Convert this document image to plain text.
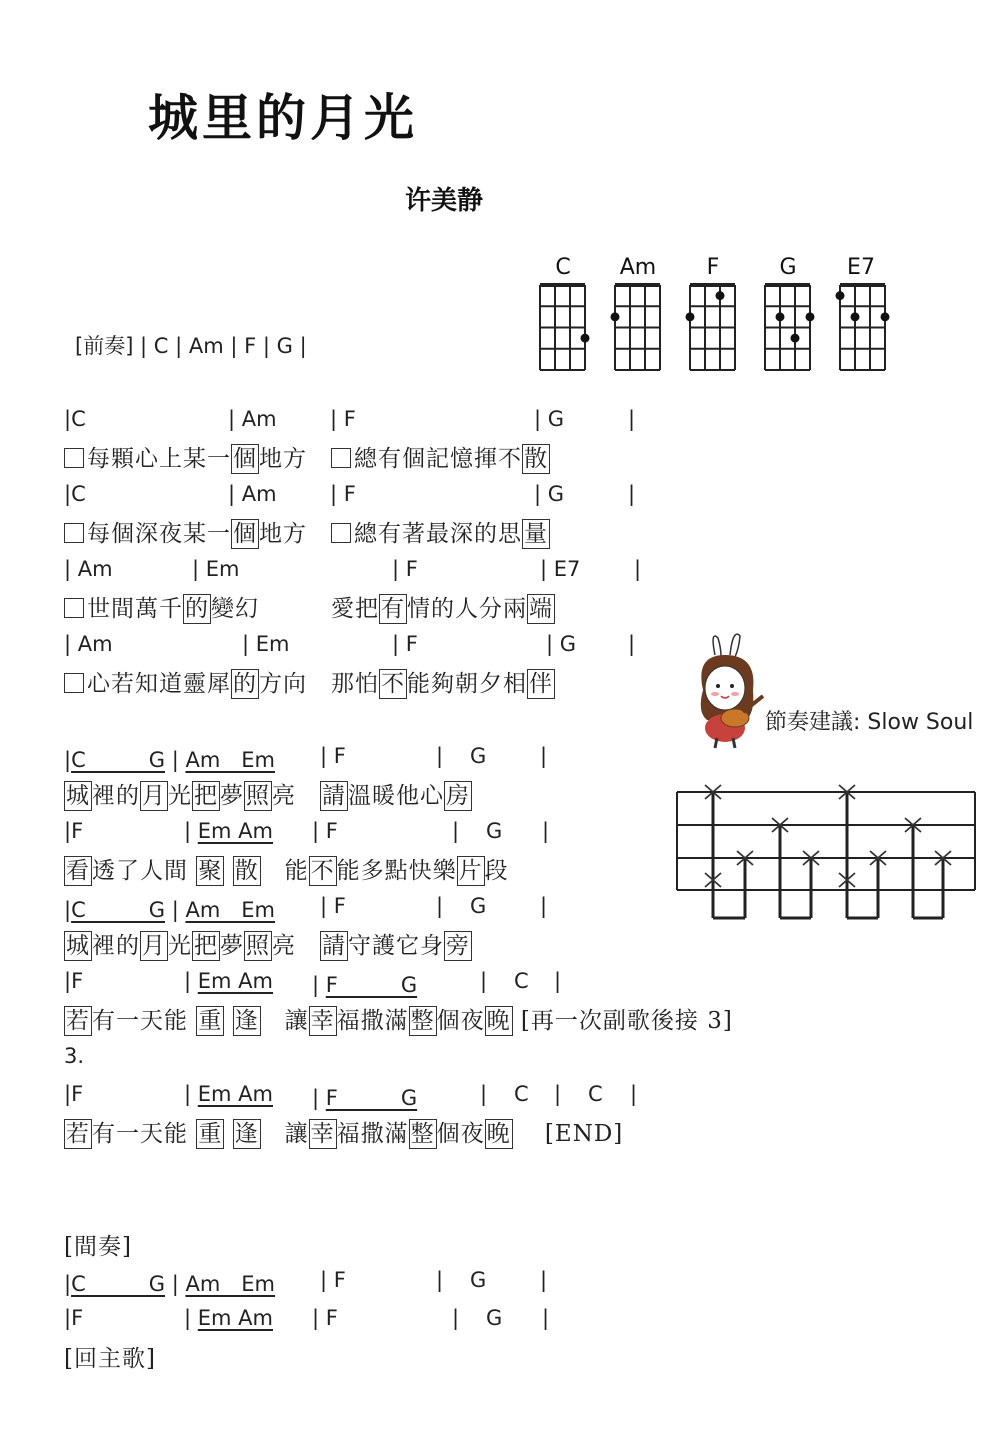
城里的月光
许美静
C	Am	F	G	E7
[前奏] | C | Am | F | G |
|C	| Am	| F	| G	|
每顆心上某一個地方　總有個記憶揮不散
|C	| Am	| F	| G	|
每個深夜某一個地方　總有著最深的思量
| Am	| Em	| F	| E7	|
世間萬千的變幻　　　愛把有情的人分兩端
| Am	| Em	| F	| G |
心若知道靈犀的方向　那怕不能夠朝夕相伴
|C　　　G | Am　Em | F	| G	|
城裡的月光把夢照亮　請溫暖他心房
|F	| Em Am | F	| G |
看透了人間 聚 散　能不能多點快樂片段
|C　　　G | Am　Em | F	| G	|
城裡的月光把夢照亮　請守護它身旁
|F	| Em Am | F　　　G	| C |
若有一天能 重 逢　讓幸福撒滿整個夜晚 [再一次副歌後接 3]
3.
|F	| Em Am | F　　　G	| C | C |
若有一天能 重 逢　讓幸福撒滿整個夜晚　 [END]
[間奏]
|C　　　G | Am　Em | F	| G	|
|F	| Em Am | F	| G |
[回主歌]
節奏建議: Slow Soul
